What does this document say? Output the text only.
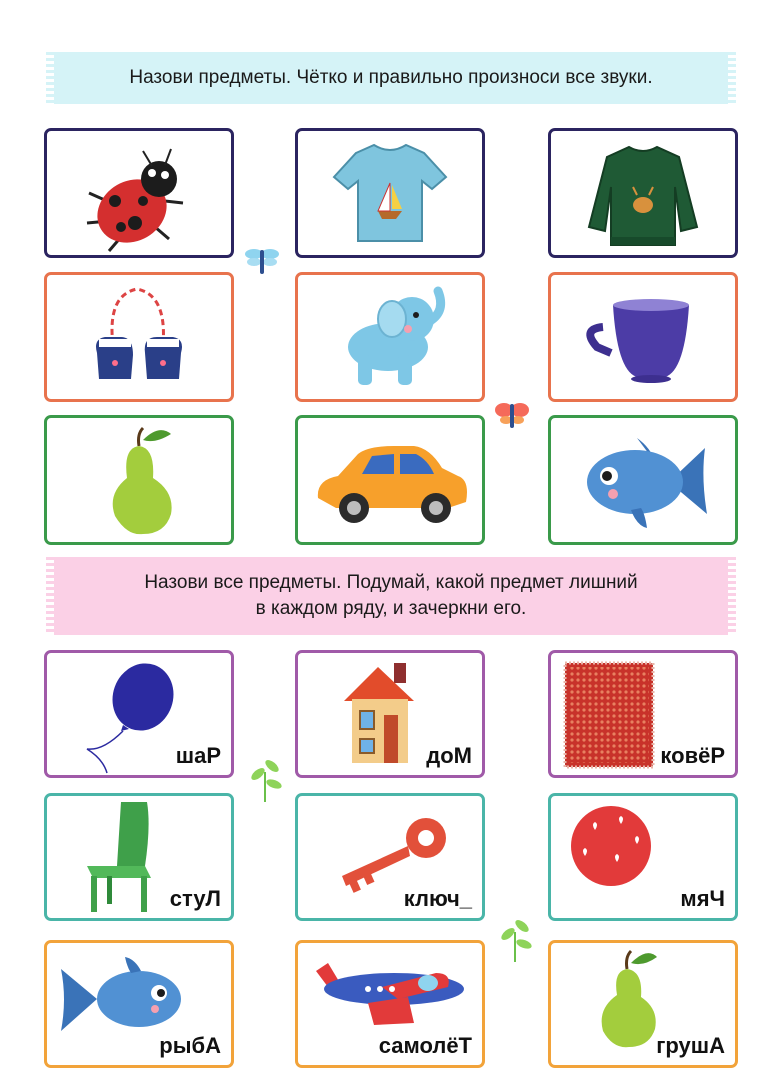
Назови предметы. Чётко и правильно произноси все звуки.
Назови все предметы. Подумай, какой предмет лишний
в каждом ряду, и зачеркни его.
шаР	доМ	ковёР
стуЛ	ключ_	мяЧ
рыбА	самолёТ	грушА
